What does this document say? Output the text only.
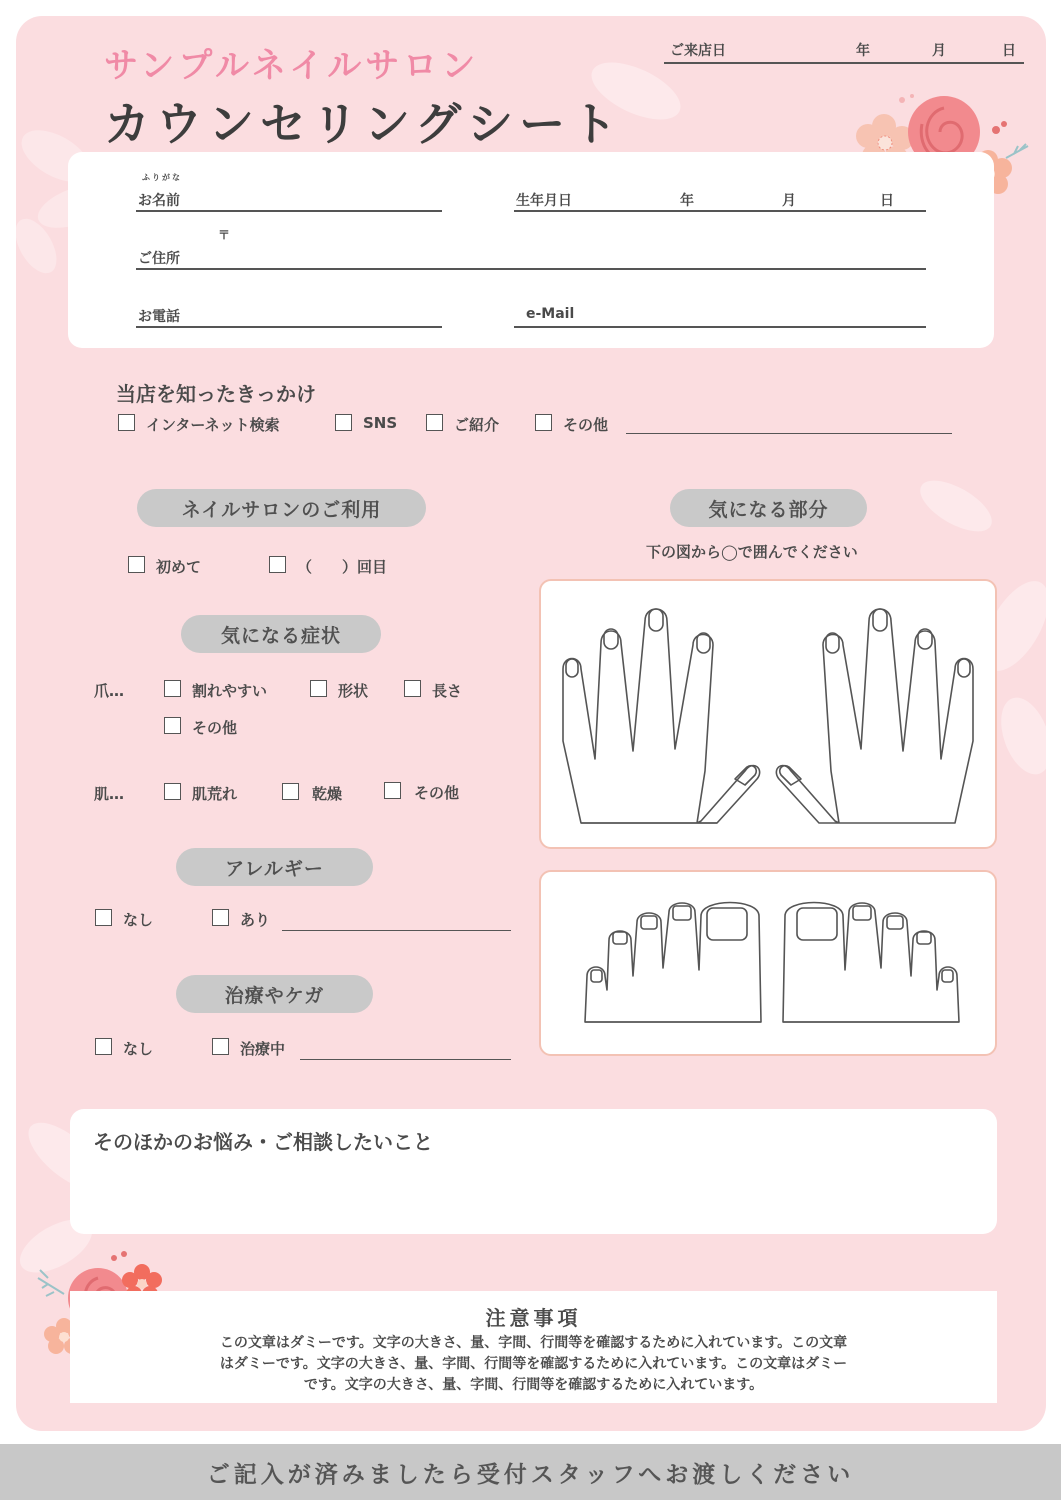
サンプルネイルサロン
カウンセリングシート
ご来店日	年	月	日
ふりがな
お名前	生年月日	年	月	日
〒
ご住所
お電話	e-Mail
当店を知ったきっかけ
インターネット検索	SNS	ご紹介	その他
ネイルサロンのご利用
初めて	（ ）回目
気になる症状
爪…	割れやすい	形状	長さ
その他
肌…	肌荒れ	乾燥	その他
アレルギー
なし	あり
治療やケガ
なし	治療中
気になる部分
下の図から◯で囲んでください
そのほかのお悩み・ご相談したいこと
注意事項
この文章はダミーです。文字の大きさ、量、字間、行間等を確認するために入れています。この文章
はダミーです。文字の大きさ、量、字間、行間等を確認するために入れています。この文章はダミー
です。文字の大きさ、量、字間、行間等を確認するために入れています。
ご記入が済みましたら受付スタッフへお渡しください
